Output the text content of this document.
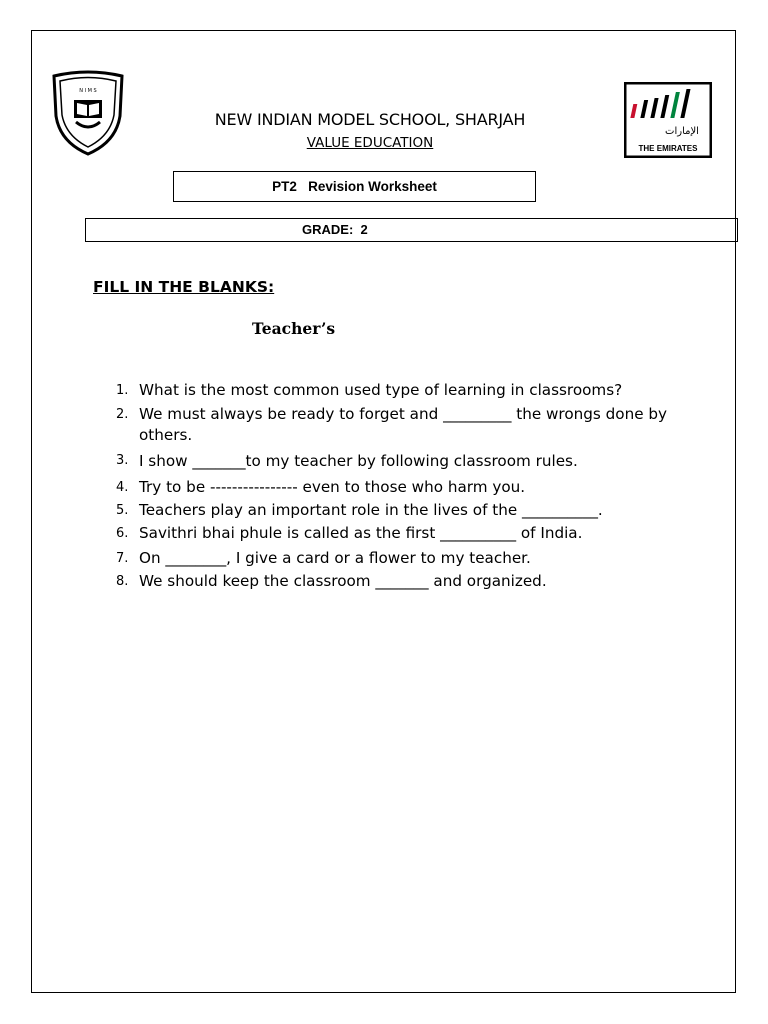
N I M S
الإمارات
THE EMIRATES
NEW INDIAN MODEL SCHOOL, SHARJAH
VALUE EDUCATION
PT2   Revision Worksheet
GRADE:  2
FILL IN THE BLANKS:
Teacher’s
1. What is the most common used type of learning in classrooms?
2. We must always be ready to forget and _________ the wrongs done by others.
3. I show _______to my teacher by following classroom rules.
4. Try to be ---------------- even to those who harm you.
5. Teachers play an important role in the lives of the __________.
6. Savithri bhai phule is called as the first __________ of India.
7. On ________, I give a card or a flower to my teacher.
8. We should keep the classroom _______ and organized.
